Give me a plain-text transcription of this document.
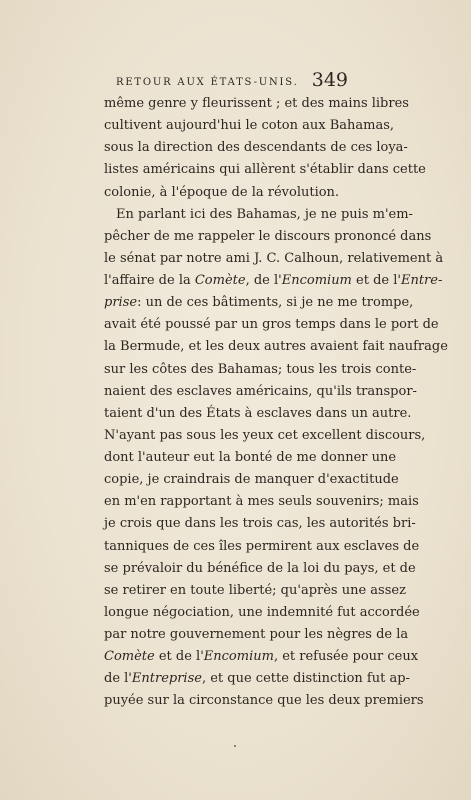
RETOUR AUX ÉTATS-UNIS. 349
même genre y fleurissent ; et des mains libres
cultivent aujourd'hui le coton aux Bahamas,
sous la direction des descendants de ces loya-
listes américains qui allèrent s'établir dans cette
colonie, à l'époque de la révolution.
En parlant ici des Bahamas, je ne puis m'em-
pêcher de me rappeler le discours prononcé dans
le sénat par notre ami J. C. Calhoun, relativement à
l'affaire de la Comète, de l'Encomium et de l'Entre-
prise: un de ces bâtiments, si je ne me trompe,
avait été poussé par un gros temps dans le port de
la Bermude, et les deux autres avaient fait naufrage
sur les côtes des Bahamas; tous les trois conte-
naient des esclaves américains, qu'ils transpor-
taient d'un des États à esclaves dans un autre.
N'ayant pas sous les yeux cet excellent discours,
dont l'auteur eut la bonté de me donner une
copie, je craindrais de manquer d'exactitude
en m'en rapportant à mes seuls souvenirs; mais
je crois que dans les trois cas, les autorités bri-
tanniques de ces îles permirent aux esclaves de
se prévaloir du bénéfice de la loi du pays, et de
se retirer en toute liberté; qu'après une assez
longue négociation, une indemnité fut accordée
par notre gouvernement pour les nègres de la
Comète et de l'Encomium, et refusée pour ceux
de l'Entreprise, et que cette distinction fut ap-
puyée sur la circonstance que les deux premiers
